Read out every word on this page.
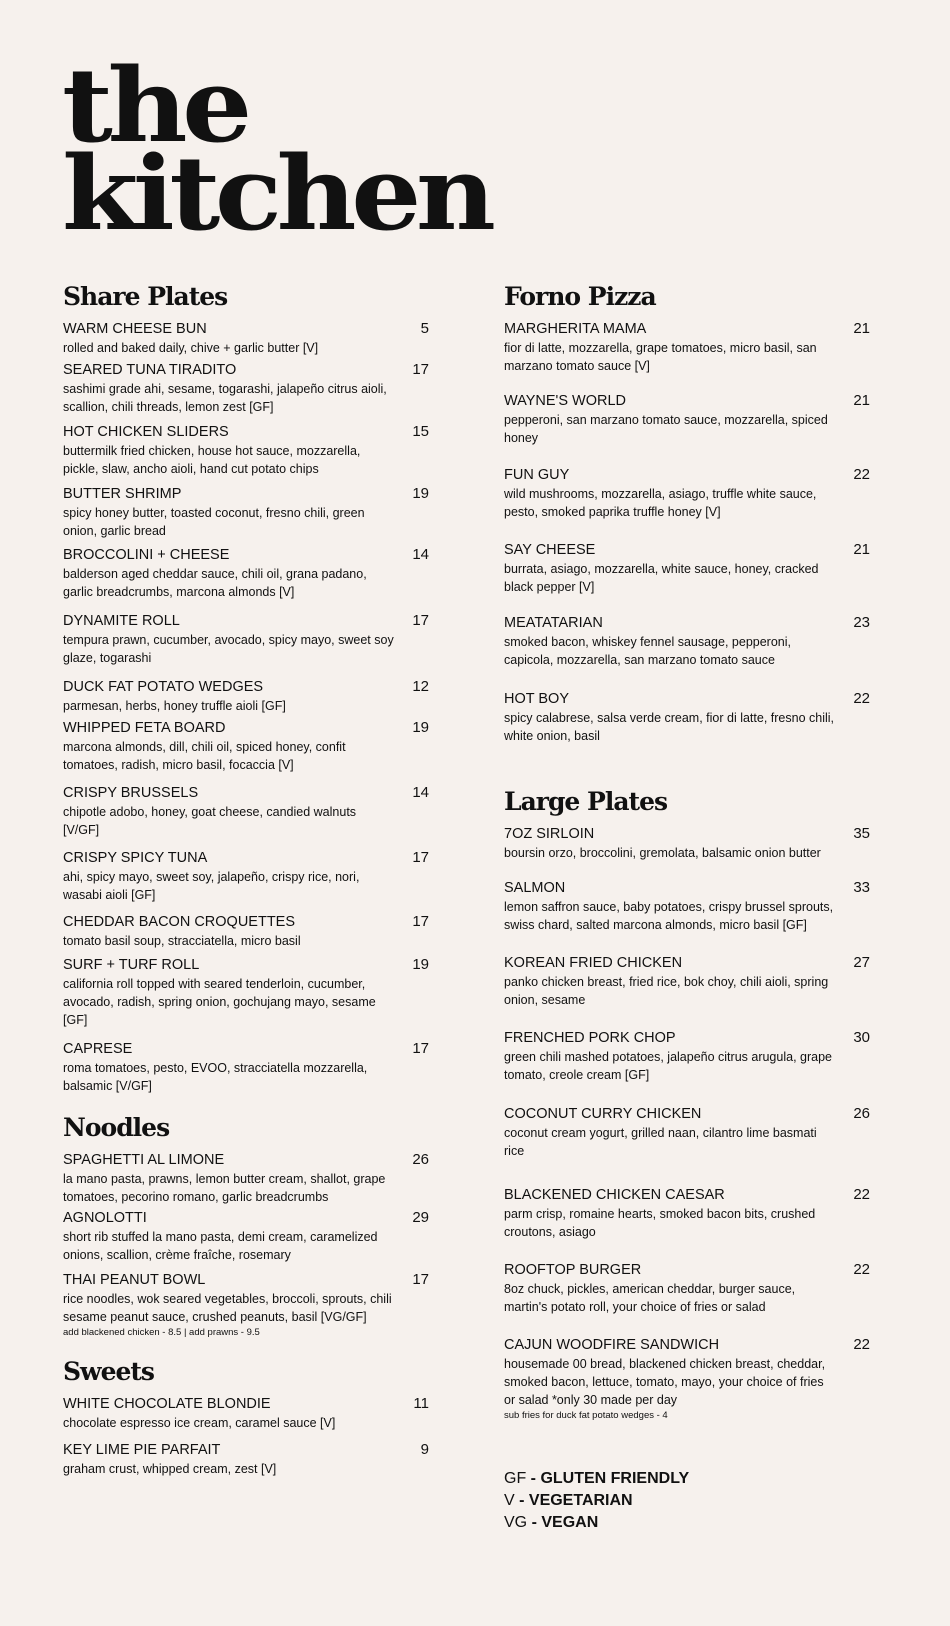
the
kitchen
Share Plates
WARM CHEESE BUN
rolled and baked daily, chive + garlic butter [V]
5
SEARED TUNA TIRADITO
sashimi grade ahi, sesame, togarashi, jalapeño citrus aioli, scallion, chili threads, lemon zest [GF]
17
HOT CHICKEN SLIDERS
buttermilk fried chicken, house hot sauce, mozzarella, pickle, slaw, ancho aioli, hand cut potato chips
15
BUTTER SHRIMP
spicy honey butter, toasted coconut, fresno chili, green onion, garlic bread
19
BROCCOLINI + CHEESE
balderson aged cheddar sauce, chili oil, grana padano, garlic breadcrumbs, marcona almonds [V]
14
DYNAMITE ROLL
tempura prawn, cucumber, avocado, spicy mayo, sweet soy glaze, togarashi
17
DUCK FAT POTATO WEDGES
parmesan, herbs, honey truffle aioli [GF]
12
WHIPPED FETA BOARD
marcona almonds, dill, chili oil, spiced honey, confit tomatoes, radish, micro basil, focaccia [V]
19
CRISPY BRUSSELS
chipotle adobo, honey, goat cheese, candied walnuts [V/GF]
14
CRISPY SPICY TUNA
ahi, spicy mayo, sweet soy, jalapeño, crispy rice, nori, wasabi aioli [GF]
17
CHEDDAR BACON CROQUETTES
tomato basil soup, stracciatella, micro basil
17
SURF + TURF ROLL
california roll topped with seared tenderloin, cucumber, avocado, radish, spring onion, gochujang mayo, sesame [GF]
19
CAPRESE
roma tomatoes, pesto, EVOO, stracciatella mozzarella, balsamic [V/GF]
17
Noodles
SPAGHETTI AL LIMONE
la mano pasta, prawns, lemon butter cream, shallot, grape tomatoes, pecorino romano, garlic breadcrumbs
26
AGNOLOTTI
short rib stuffed la mano pasta, demi cream, caramelized onions, scallion, crème fraîche, rosemary
29
THAI PEANUT BOWL
rice noodles, wok seared vegetables, broccoli, sprouts, chili sesame peanut sauce, crushed peanuts, basil [VG/GF]
add blackened chicken - 8.5 | add prawns - 9.5
17
Sweets
WHITE CHOCOLATE BLONDIE
chocolate espresso ice cream, caramel sauce [V]
11
KEY LIME PIE PARFAIT
graham crust, whipped cream, zest [V]
9
Forno Pizza
MARGHERITA MAMA
fior di latte, mozzarella, grape tomatoes, micro basil, san marzano tomato sauce [V]
21
WAYNE'S WORLD
pepperoni, san marzano tomato sauce, mozzarella, spiced honey
21
FUN GUY
wild mushrooms, mozzarella, asiago, truffle white sauce, pesto, smoked paprika truffle honey [V]
22
SAY CHEESE
burrata, asiago, mozzarella, white sauce, honey, cracked black pepper [V]
21
MEATATARIAN
smoked bacon, whiskey fennel sausage, pepperoni, capicola, mozzarella, san marzano tomato sauce
23
HOT BOY
spicy calabrese, salsa verde cream, fior di latte, fresno chili, white onion, basil
22
Large Plates
7OZ SIRLOIN
boursin orzo, broccolini, gremolata, balsamic onion butter
35
SALMON
lemon saffron sauce, baby potatoes, crispy brussel sprouts, swiss chard, salted marcona almonds, micro basil [GF]
33
KOREAN FRIED CHICKEN
panko chicken breast, fried rice, bok choy, chili aioli, spring onion, sesame
27
FRENCHED PORK CHOP
green chili mashed potatoes, jalapeño citrus arugula, grape tomato, creole cream [GF]
30
COCONUT CURRY CHICKEN
coconut cream yogurt, grilled naan, cilantro lime basmati rice
26
BLACKENED CHICKEN CAESAR
parm crisp, romaine hearts, smoked bacon bits, crushed croutons, asiago
22
ROOFTOP BURGER
8oz chuck, pickles, american cheddar, burger sauce, martin's potato roll, your choice of fries or salad
22
CAJUN WOODFIRE SANDWICH
housemade 00 bread, blackened chicken breast, cheddar, smoked bacon, lettuce, tomato, mayo, your choice of fries or salad *only 30 made per day
sub fries for duck fat potato wedges - 4
22
GF - GLUTEN FRIENDLY
V - VEGETARIAN
VG - VEGAN
